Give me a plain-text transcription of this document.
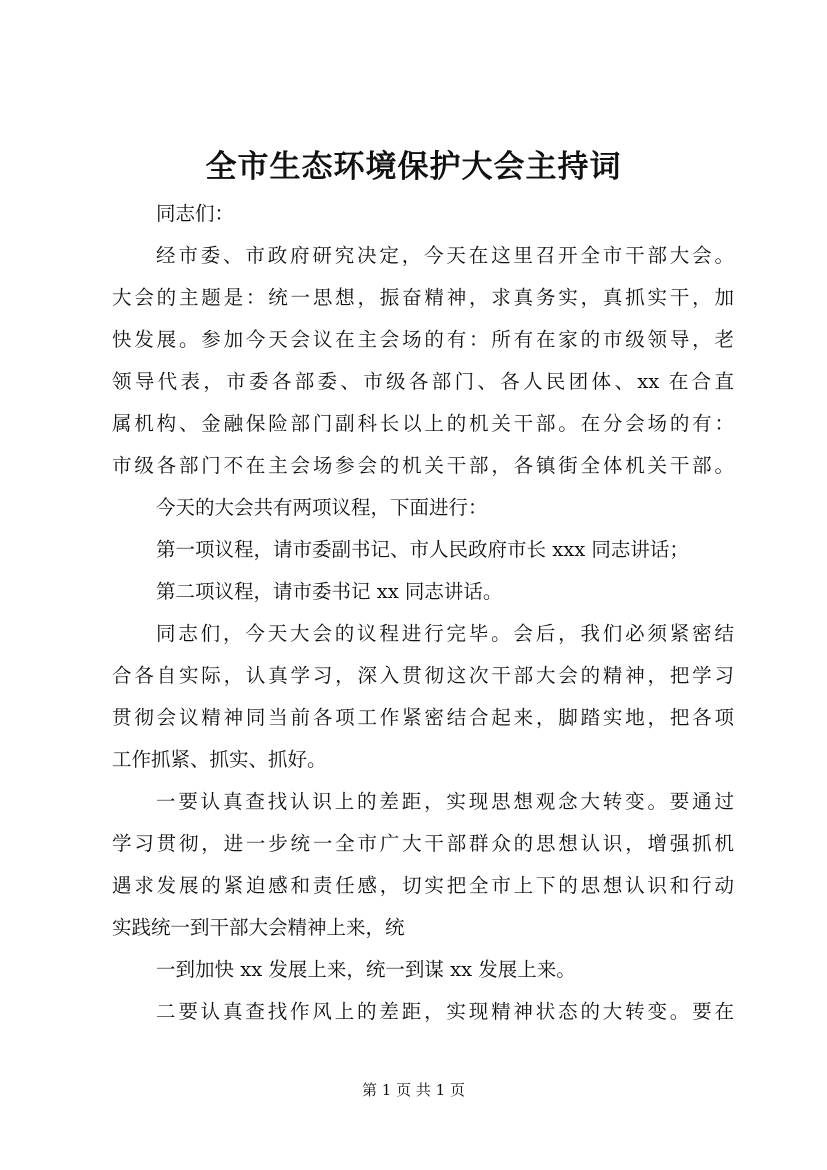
全市生态环境保护大会主持词
同志们：
经市委、市政府研究决定，今天在这里召开全市干部大会。
大会的主题是：统一思想，振奋精神，求真务实，真抓实干，加
快发展。参加今天会议在主会场的有：所有在家的市级领导，老
领导代表，市委各部委、市级各部门、各人民团体、xx 在合直
属机构、金融保险部门副科长以上的机关干部。在分会场的有：
市级各部门不在主会场参会的机关干部，各镇街全体机关干部。
今天的大会共有两项议程，下面进行：
第一项议程，请市委副书记、市人民政府市长 xxx 同志讲话；
第二项议程，请市委书记 xx 同志讲话。
同志们，今天大会的议程进行完毕。会后，我们必须紧密结
合各自实际，认真学习，深入贯彻这次干部大会的精神，把学习
贯彻会议精神同当前各项工作紧密结合起来，脚踏实地，把各项
工作抓紧、抓实、抓好。
一要认真查找认识上的差距，实现思想观念大转变。要通过
学习贯彻，进一步统一全市广大干部群众的思想认识，增强抓机
遇求发展的紧迫感和责任感，切实把全市上下的思想认识和行动
实践统一到干部大会精神上来，统
一到加快 xx 发展上来，统一到谋 xx 发展上来。
二要认真查找作风上的差距，实现精神状态的大转变。要在
第 1 页 共 1 页
